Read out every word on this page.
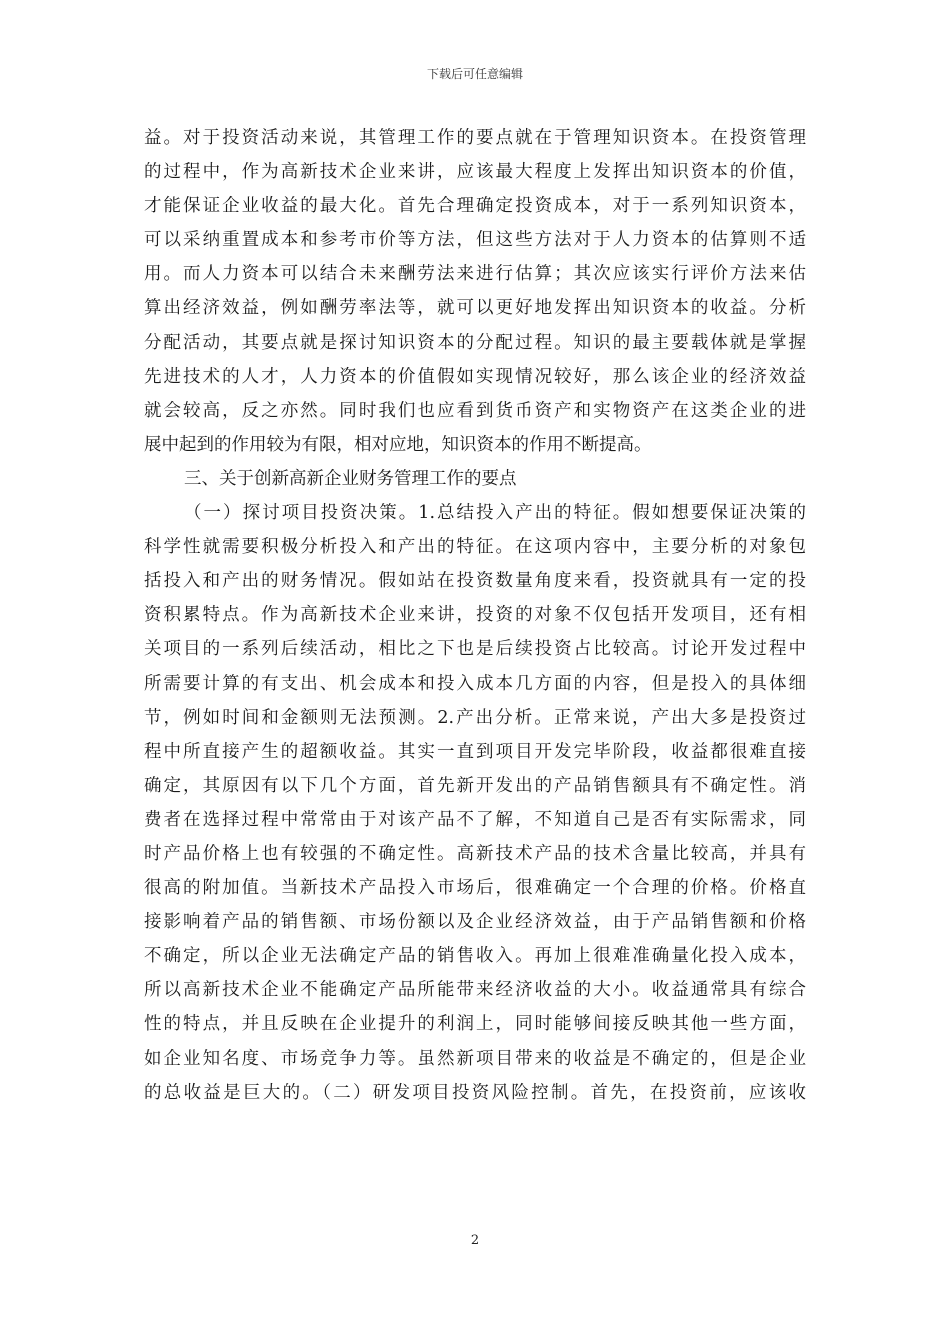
下载后可任意编辑
益。对于投资活动来说，其管理工作的要点就在于管理知识资本。在投资管理
的过程中，作为高新技术企业来讲，应该最大程度上发挥出知识资本的价值，
才能保证企业收益的最大化。首先合理确定投资成本，对于一系列知识资本，
可以采纳重置成本和参考市价等方法，但这些方法对于人力资本的估算则不适
用。而人力资本可以结合未来酬劳法来进行估算；其次应该实行评价方法来估
算出经济效益，例如酬劳率法等，就可以更好地发挥出知识资本的收益。分析
分配活动，其要点就是探讨知识资本的分配过程。知识的最主要载体就是掌握
先进技术的人才，人力资本的价值假如实现情况较好，那么该企业的经济效益
就会较高，反之亦然。同时我们也应看到货币资产和实物资产在这类企业的进
展中起到的作用较为有限，相对应地，知识资本的作用不断提高。
三、关于创新高新企业财务管理工作的要点
（一）探讨项目投资决策。1.总结投入产出的特征。假如想要保证决策的
科学性就需要积极分析投入和产出的特征。在这项内容中，主要分析的对象包
括投入和产出的财务情况。假如站在投资数量角度来看，投资就具有一定的投
资积累特点。作为高新技术企业来讲，投资的对象不仅包括开发项目，还有相
关项目的一系列后续活动，相比之下也是后续投资占比较高。讨论开发过程中
所需要计算的有支出、机会成本和投入成本几方面的内容，但是投入的具体细
节，例如时间和金额则无法预测。2.产出分析。正常来说，产出大多是投资过
程中所直接产生的超额收益。其实一直到项目开发完毕阶段，收益都很难直接
确定，其原因有以下几个方面，首先新开发出的产品销售额具有不确定性。消
费者在选择过程中常常由于对该产品不了解，不知道自己是否有实际需求，同
时产品价格上也有较强的不确定性。高新技术产品的技术含量比较高，并具有
很高的附加值。当新技术产品投入市场后，很难确定一个合理的价格。价格直
接影响着产品的销售额、市场份额以及企业经济效益，由于产品销售额和价格
不确定，所以企业无法确定产品的销售收入。再加上很难准确量化投入成本，
所以高新技术企业不能确定产品所能带来经济收益的大小。收益通常具有综合
性的特点，并且反映在企业提升的利润上，同时能够间接反映其他一些方面，
如企业知名度、市场竞争力等。虽然新项目带来的收益是不确定的，但是企业
的总收益是巨大的。（二）研发项目投资风险控制。首先，在投资前，应该收
2
